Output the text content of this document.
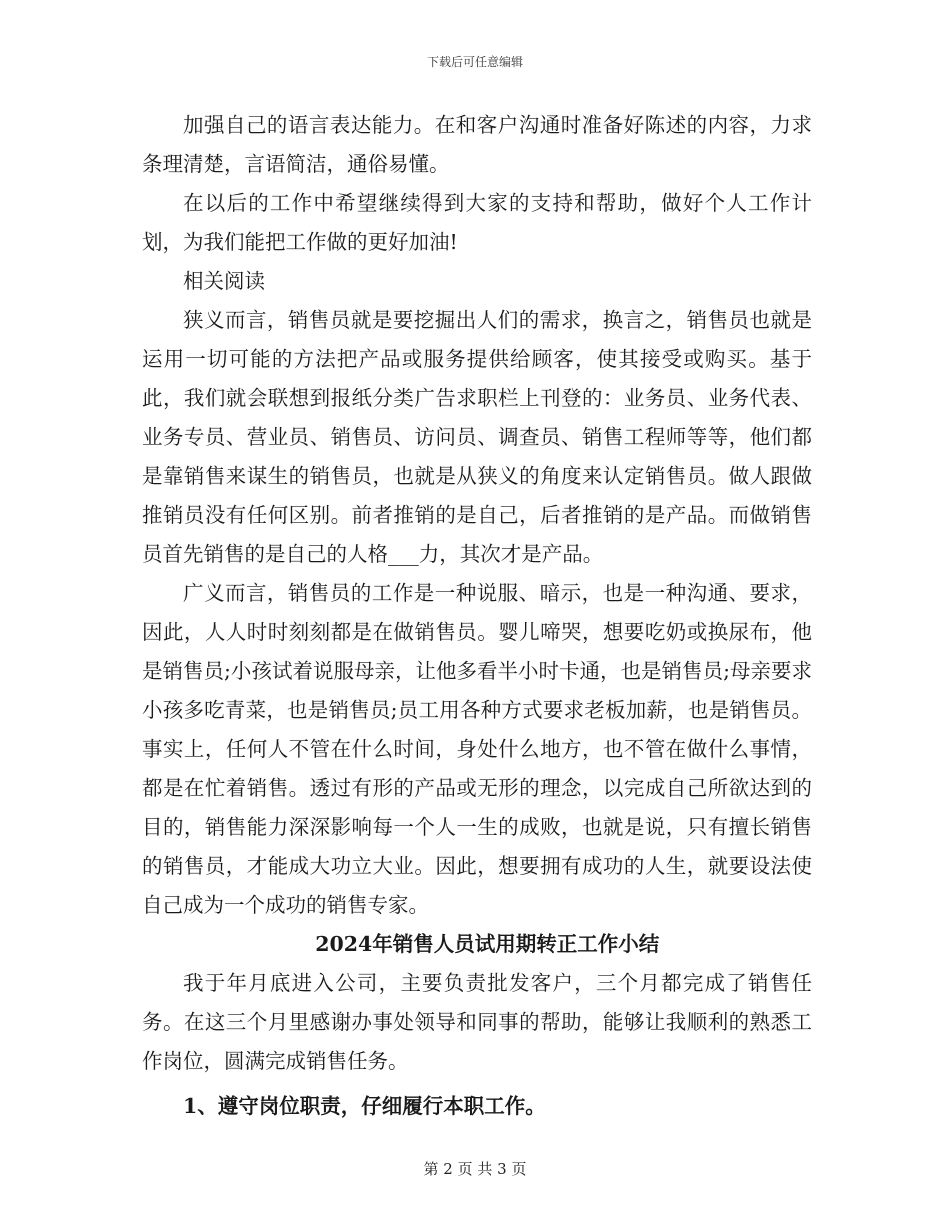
下载后可任意编辑

加强自己的语言表达能力。在和客户沟通时准备好陈述的内容，力求条理清楚，言语简洁，通俗易懂。

在以后的工作中希望继续得到大家的支持和帮助，做好个人工作计划，为我们能把工作做的更好加油!

相关阅读

狭义而言，销售员就是要挖掘出人们的需求，换言之，销售员也就是运用一切可能的方法把产品或服务提供给顾客，使其接受或购买。基于此，我们就会联想到报纸分类广告求职栏上刊登的：业务员、业务代表、业务专员、营业员、销售员、访问员、调查员、销售工程师等等，他们都是靠销售来谋生的销售员，也就是从狭义的角度来认定销售员。做人跟做推销员没有任何区别。前者推销的是自己，后者推销的是产品。而做销售员首先销售的是自己的人格___力，其次才是产品。

广义而言，销售员的工作是一种说服、暗示，也是一种沟通、要求，因此，人人时时刻刻都是在做销售员。婴儿啼哭，想要吃奶或换尿布，他是销售员;小孩试着说服母亲，让他多看半小时卡通，也是销售员;母亲要求小孩多吃青菜，也是销售员;员工用各种方式要求老板加薪，也是销售员。事实上，任何人不管在什么时间，身处什么地方，也不管在做什么事情，都是在忙着销售。透过有形的产品或无形的理念，以完成自己所欲达到的目的，销售能力深深影响每一个人一生的成败，也就是说，只有擅长销售的销售员，才能成大功立大业。因此，想要拥有成功的人生，就要设法使自己成为一个成功的销售专家。

2024年销售人员试用期转正工作小结

我于年月底进入公司，主要负责批发客户，三个月都完成了销售任务。在这三个月里感谢办事处领导和同事的帮助，能够让我顺利的熟悉工作岗位，圆满完成销售任务。

1、遵守岗位职责，仔细履行本职工作。
第 2 页 共 3 页
